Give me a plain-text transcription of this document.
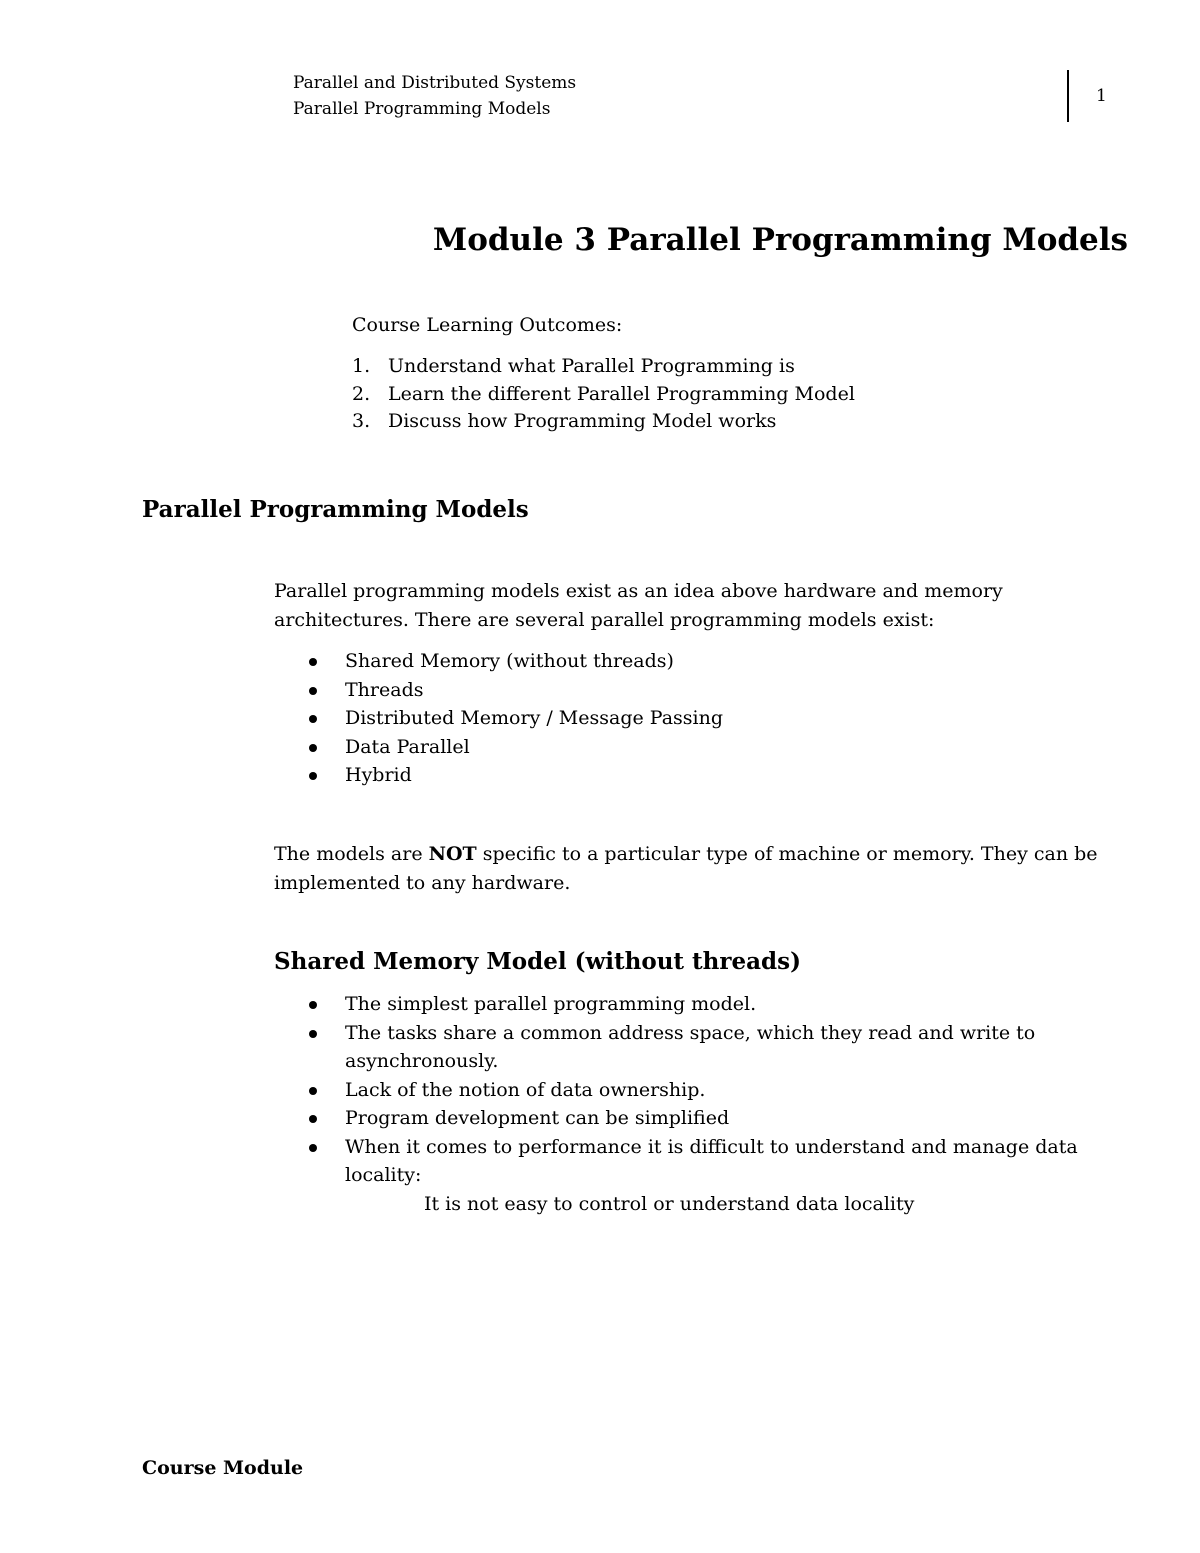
Parallel and Distributed Systems
Parallel Programming Models
1
Module 3 Parallel Programming Models
Course Learning Outcomes:
1. Understand what Parallel Programming is
2. Learn the different Parallel Programming Model
3. Discuss how Programming Model works
Parallel Programming Models
Parallel programming models exist as an idea above hardware and memory architectures. There are several parallel programming models exist:
Shared Memory (without threads)
Threads
Distributed Memory / Message Passing
Data Parallel
Hybrid
The models are NOT specific to a particular type of machine or memory. They can be implemented to any hardware.
Shared Memory Model (without threads)
The simplest parallel programming model.
The tasks share a common address space, which they read and write to asynchronously.
Lack of the notion of data ownership.
Program development can be simplified
When it comes to performance it is difficult to understand and manage data locality:
It is not easy to control or understand data locality
Course Module
